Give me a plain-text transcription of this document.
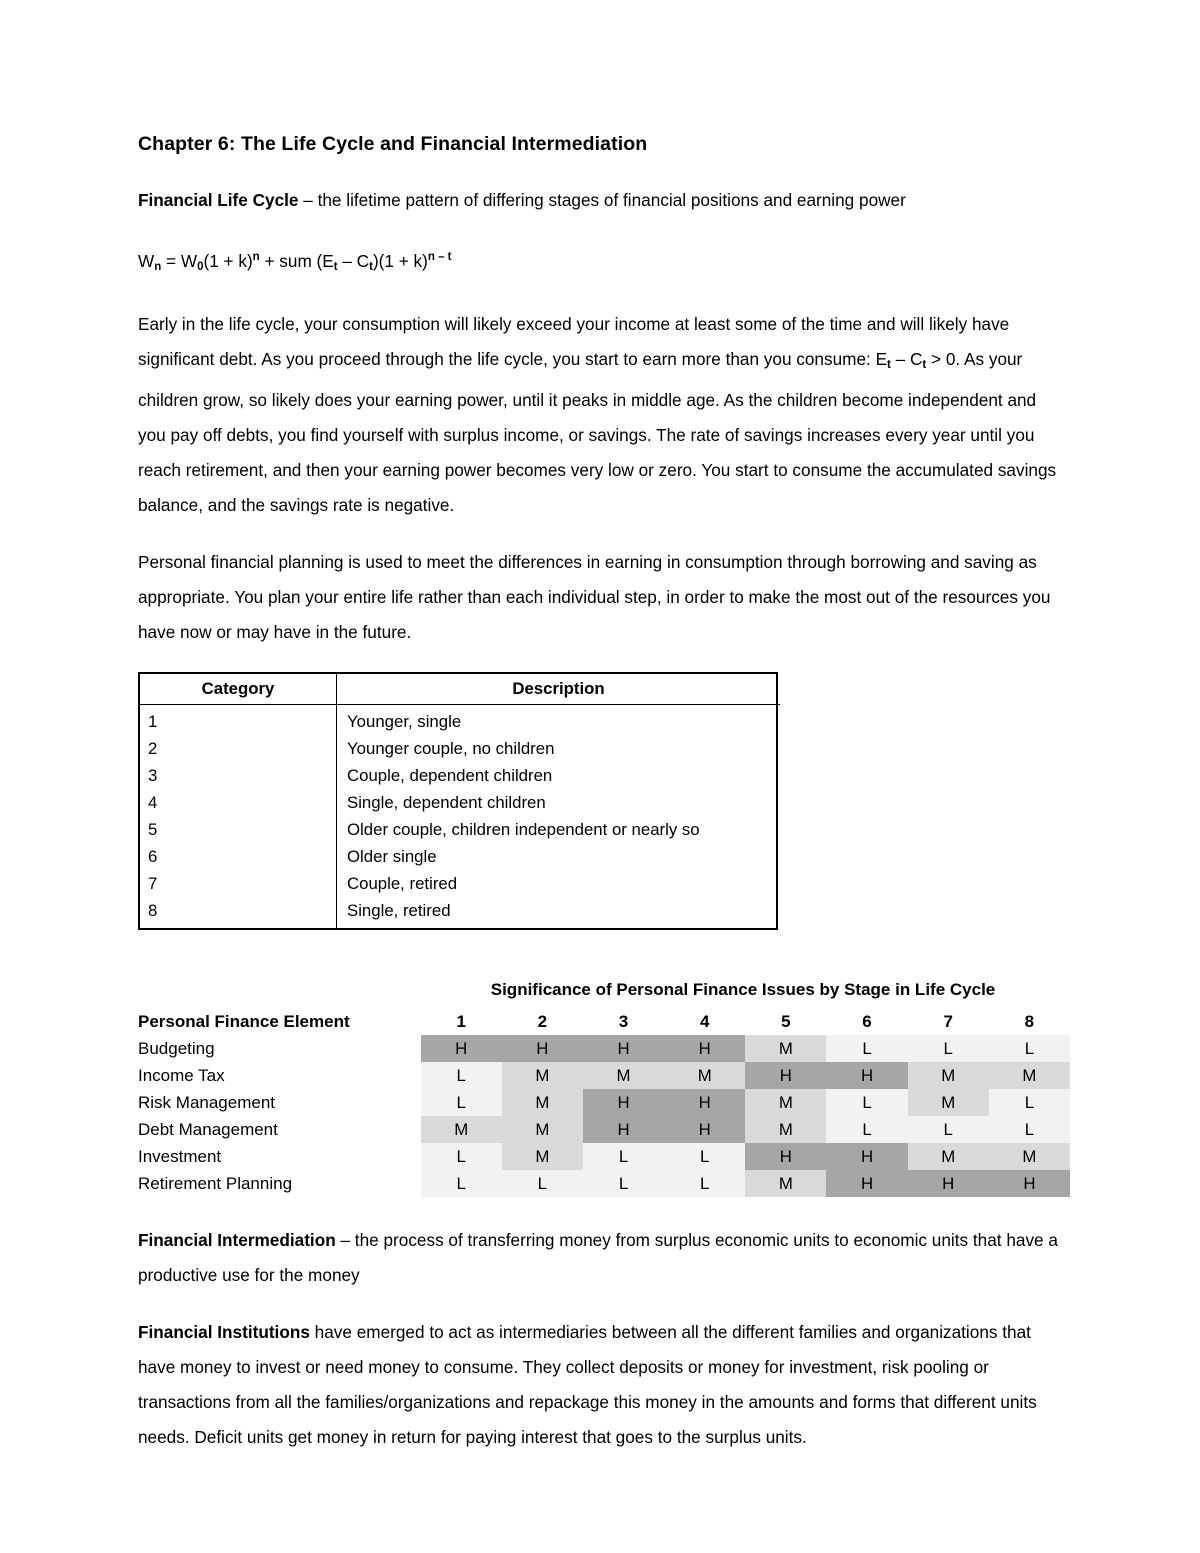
Chapter 6: The Life Cycle and Financial Intermediation

Financial Life Cycle – the lifetime pattern of differing stages of financial positions and earning power

$W_n = W_0(1 + k)^n$ + sum $(E_t - C_t)(1 + k)^{n - t}$

Early in the life cycle, your consumption will likely exceed your income at least some of the time and will likely have significant debt. As you proceed through the life cycle, you start to earn more than you consume: $E_t - C_t > 0$. As your children grow, so likely does your earning power, until it peaks in middle age. As the children become independent and you pay off debts, you find yourself with surplus income, or savings. The rate of savings increases every year until you reach retirement, and then your earning power becomes very low or zero. You start to consume the accumulated savings balance, and the savings rate is negative.

Personal financial planning is used to meet the differences in earning in consumption through borrowing and saving as appropriate. You plan your entire life rather than each individual step, in order to make the most out of the resources you have now or may have in the future.

Category	Description
1	Younger, single
2	Younger couple, no children
3	Couple, dependent children
4	Single, dependent children
5	Older couple, children independent or nearly so
6	Older single
7	Couple, retired
8	Single, retired
Significance of Personal Finance Issues by Stage in Life Cycle
Personal Finance Element	1	2	3	4	5	6	7	8
Budgeting	H	H	H	H	M	L	L	L
Income Tax	L	M	M	M	H	H	M	M
Risk Management	L	M	H	H	M	L	M	L
Debt Management	M	M	H	H	M	L	L	L
Investment	L	M	L	L	H	H	M	M
Retirement Planning	L	L	L	L	M	H	H	H

Financial Intermediation – the process of transferring money from surplus economic units to economic units that have a productive use for the money

Financial Institutions have emerged to act as intermediaries between all the different families and organizations that have money to invest or need money to consume. They collect deposits or money for investment, risk pooling or transactions from all the families/organizations and repackage this money in the amounts and forms that different units needs. Deficit units get money in return for paying interest that goes to the surplus units.
